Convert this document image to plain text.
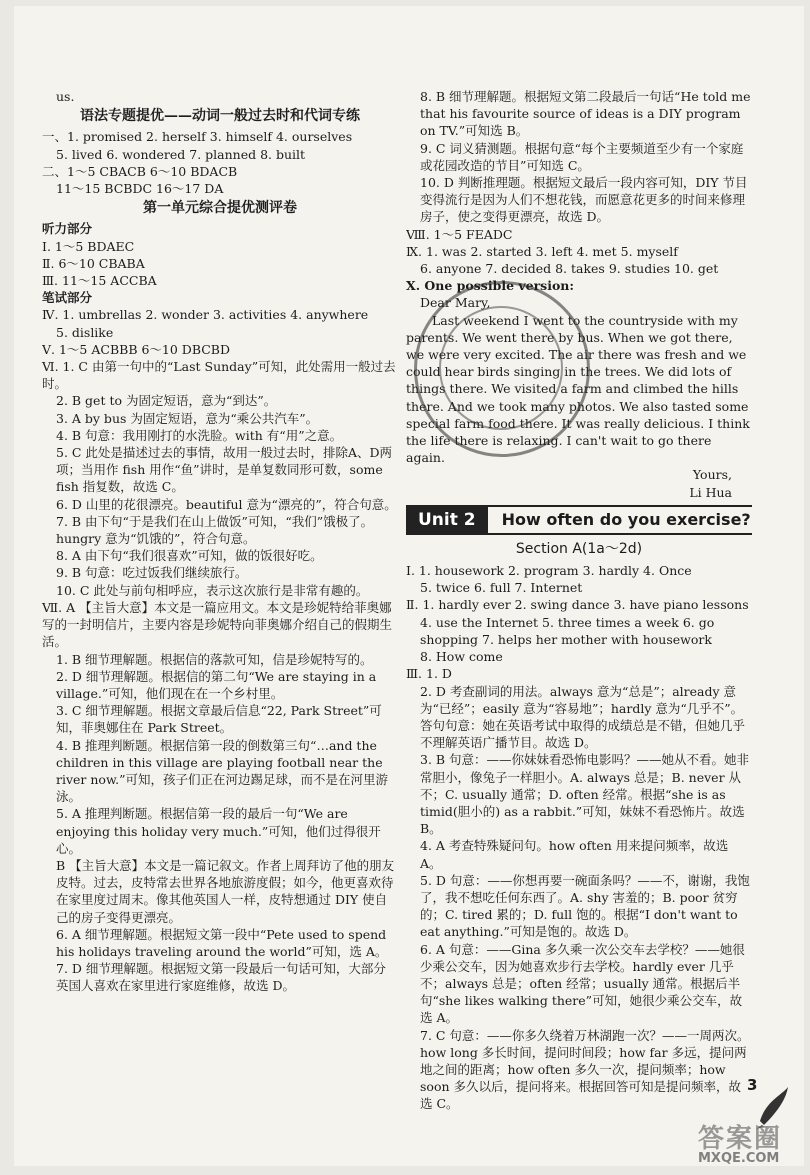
us.
语法专题提优——动词一般过去时和代词专练
一、1. promised 2. herself 3. himself 4. ourselves
5. lived 6. wondered 7. planned 8. built
二、1～5 CBACB 6～10 BDACB
11～15 BCBDC 16～17 DA
第一单元综合提优测评卷
听力部分
Ⅰ. 1～5 BDAEC
Ⅱ. 6～10 CBABA
Ⅲ. 11～15 ACCBA
笔试部分
Ⅳ. 1. umbrellas 2. wonder 3. activities 4. anywhere
5. dislike
Ⅴ. 1～5 ACBBB 6～10 DBCBD
Ⅵ. 1. C 由第一句中的“Last Sunday”可知，此处需用一般过去时。
2. B get to 为固定短语，意为“到达”。
3. A by bus 为固定短语，意为“乘公共汽车”。
4. B 句意：我用刚打的水洗脸。with 有“用”之意。
5. C 此处是描述过去的事情，故用一般过去时，排除A、D两项；当用作 fish 用作“鱼”讲时，是单复数同形可数，some fish 指复数，故选 C。
6. D 山里的花很漂亮。beautiful 意为“漂亮的”，符合句意。
7. B 由下句“于是我们在山上做饭”可知，“我们”饿极了。hungry 意为“饥饿的”，符合句意。
8. A 由下句“我们很喜欢”可知，做的饭很好吃。
9. B 句意：吃过饭我们继续旅行。
10. C 此处与前句相呼应，表示这次旅行是非常有趣的。
Ⅶ. A 【主旨大意】本文是一篇应用文。本文是珍妮特给菲奥娜写的一封明信片，主要内容是珍妮特向菲奥娜介绍自己的假期生活。
1. B 细节理解题。根据信的落款可知，信是珍妮特写的。
2. D 细节理解题。根据信的第二句“We are staying in a village.”可知，他们现在在一个乡村里。
3. C 细节理解题。根据文章最后信息“22, Park Street”可知，菲奥娜住在 Park Street。
4. B 推理判断题。根据信第一段的倒数第三句“…and the children in this village are playing football near the river now.”可知，孩子们正在河边踢足球，而不是在河里游泳。
5. A 推理判断题。根据信第一段的最后一句“We are enjoying this holiday very much.”可知，他们过得很开心。
B 【主旨大意】本文是一篇记叙文。作者上周拜访了他的朋友皮特。过去，皮特常去世界各地旅游度假；如今，他更喜欢待在家里度过周末。像其他英国人一样，皮特想通过 DIY 使自己的房子变得更漂亮。
6. A 细节理解题。根据短文第一段中“Pete used to spend his holidays traveling around the world”可知，选 A。
7. D 细节理解题。根据短文第一段最后一句话可知，大部分英国人喜欢在家里进行家庭维修，故选 D。
8. B 细节理解题。根据短文第二段最后一句话“He told me that his favourite source of ideas is a DIY program on TV.”可知选 B。
9. C 词义猜测题。根据句意“每个主要频道至少有一个家庭或花园改造的节目”可知选 C。
10. D 判断推理题。根据短文最后一段内容可知，DIY 节目变得流行是因为人们不想花钱，而愿意花更多的时间来修理房子，使之变得更漂亮，故选 D。
Ⅷ. 1～5 FEADC
Ⅸ. 1. was 2. started 3. left 4. met 5. myself
6. anyone 7. decided 8. takes 9. studies 10. get
Ⅹ. One possible version:
Dear Mary,
Last weekend I went to the countryside with my parents. We went there by bus. When we got there, we were very excited. The air there was fresh and we could hear birds singing in the trees. We did lots of things there. We visited a farm and climbed the hills there. And we took many photos. We also tasted some special farm food there. It was really delicious. I think the life there is relaxing. I can't wait to go there again.
Yours,
Li Hua
Unit 2	How often do you exercise?
Section A(1a～2d)
Ⅰ. 1. housework 2. program 3. hardly 4. Once
5. twice 6. full 7. Internet
Ⅱ. 1. hardly ever 2. swing dance 3. have piano lessons
4. use the Internet 5. three times a week 6. go
shopping 7. helps her mother with housework
8. How come
Ⅲ. 1. D
2. D 考查副词的用法。always 意为“总是”；already 意为“已经”；easily 意为“容易地”；hardly 意为“几乎不”。答句句意：她在英语考试中取得的成绩总是不错，但她几乎不理解英语广播节目。故选 D。
3. B 句意：——你妹妹看恐怖电影吗？——她从不看。她非常胆小，像兔子一样胆小。A. always 总是；B. never 从不；C. usually 通常；D. often 经常。根据“she is as timid(胆小的) as a rabbit.”可知，妹妹不看恐怖片。故选 B。
4. A 考查特殊疑问句。how often 用来提问频率，故选 A。
5. D 句意：——你想再要一碗面条吗？——不，谢谢，我饱了，我不想吃任何东西了。A. shy 害羞的；B. poor 贫穷的；C. tired 累的；D. full 饱的。根据“I don't want to eat anything.”可知是饱的。故选 D。
6. A 句意：——Gina 多久乘一次公交车去学校？——她很少乘公交车，因为她喜欢步行去学校。hardly ever 几乎不；always 总是；often 经常；usually 通常。根据后半句“she likes walking there”可知，她很少乘公交车，故选 A。
7. C 句意：——你多久绕着万林湖跑一次？——一周两次。how long 多长时间，提问时间段；how far 多远，提问两地之间的距离；how often 多久一次，提问频率；how soon 多久以后，提问将来。根据回答可知是提问频率，故选 C。
3
答案圈
MXQE.COM
